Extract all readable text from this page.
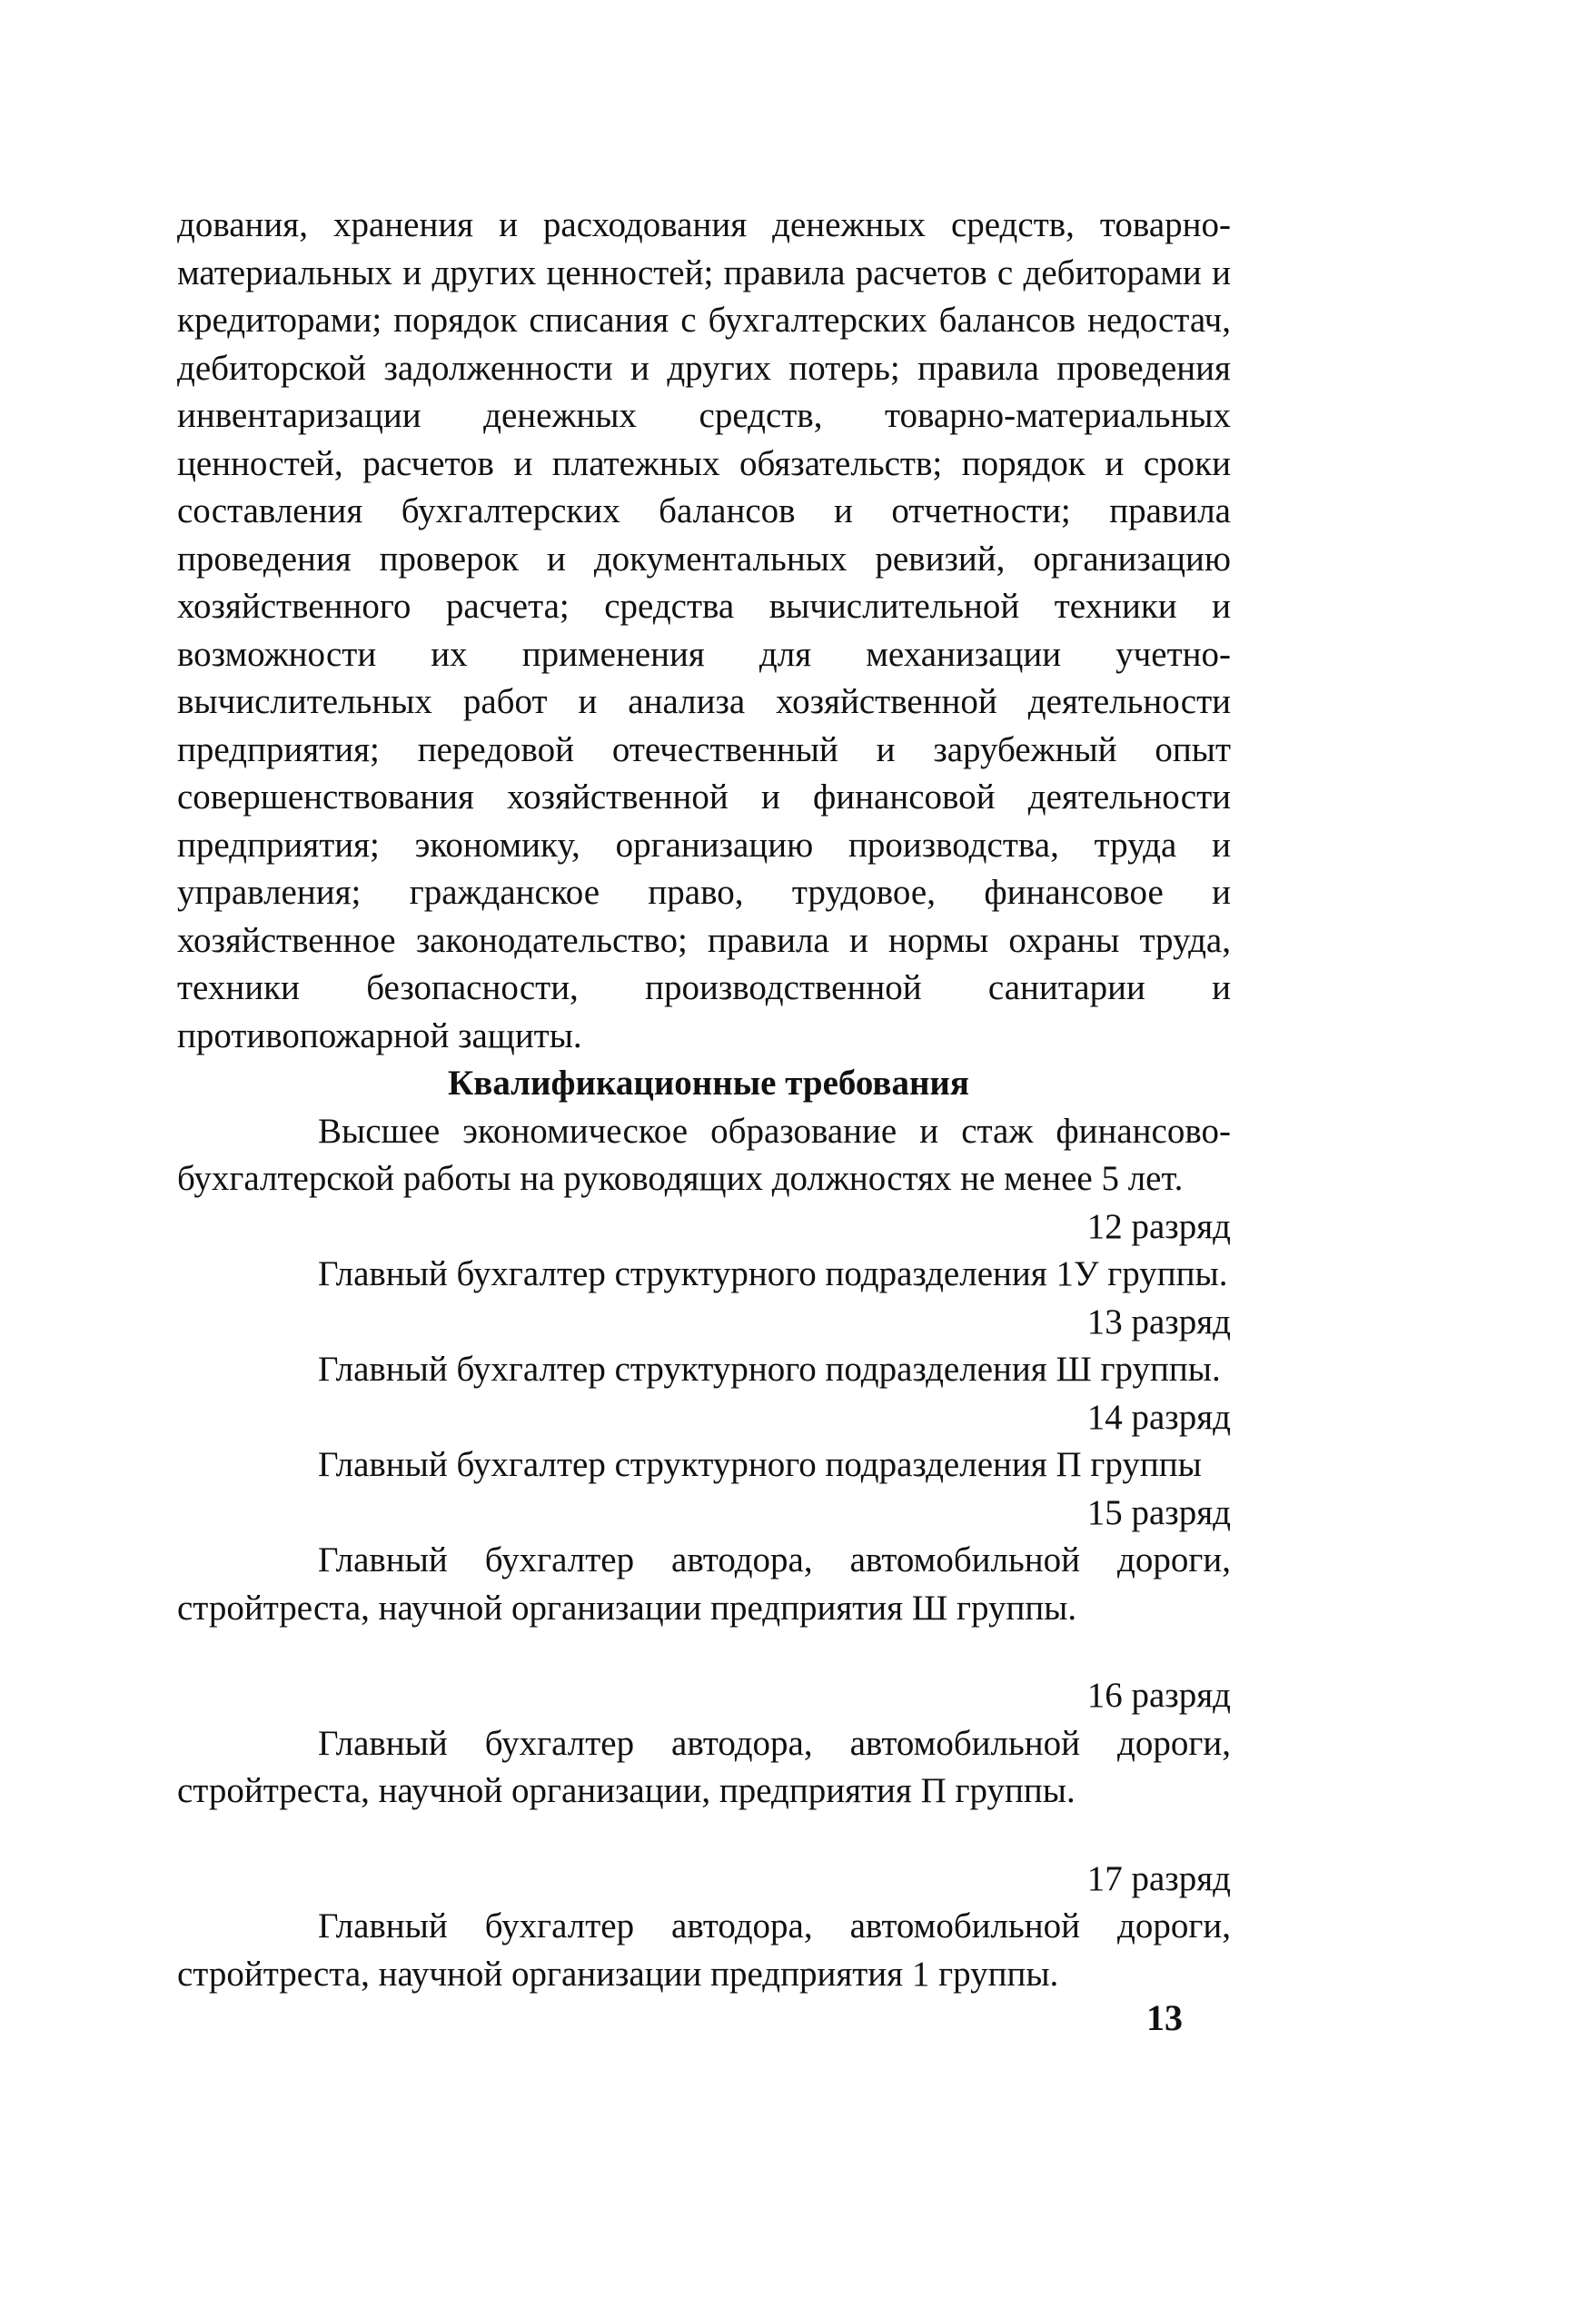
дования, хранения и расходования денежных средств, товарно-материальных и других ценностей; правила расчетов с дебиторами и кредиторами; порядок списания с бухгалтерских балансов недостач, дебиторской задолженности и других потерь; правила проведения инвентаризации денежных средств, товарно-материальных ценностей, расчетов и платежных обязательств; порядок и сроки составления бухгалтерских балансов и отчетности; правила проведения проверок и документальных ревизий, организацию хозяйственного расчета; средства вычислительной техники и возможности их применения для механизации учетно-вычислительных работ и анализа хозяйственной деятельности предприятия; передовой отечественный и зарубежный опыт совершенствования хозяйственной и финансовой деятельности предприятия; экономику, организацию производства, труда и управления; гражданское право, трудовое, финансовое и хозяйственное законодательство; правила и нормы охраны труда, техники безопасности, производственной санитарии и противопожарной защиты.

Квалификационные требования

Высшее экономическое образование и стаж финансово-бухгалтерской работы на руководящих должностях не менее 5 лет.

12 разряд

Главный бухгалтер структурного подразделения 1У группы.

13 разряд

Главный бухгалтер структурного подразделения Ш группы.

14 разряд

Главный бухгалтер структурного подразделения П группы

15 разряд

Главный бухгалтер автодора, автомобильной дороги, стройтреста, научной организации предприятия Ш группы.

16 разряд

Главный бухгалтер автодора, автомобильной дороги, стройтреста, научной организации, предприятия П группы.

17 разряд

Главный бухгалтер автодора, автомобильной дороги, стройтреста, научной организации предприятия 1 группы.

13
